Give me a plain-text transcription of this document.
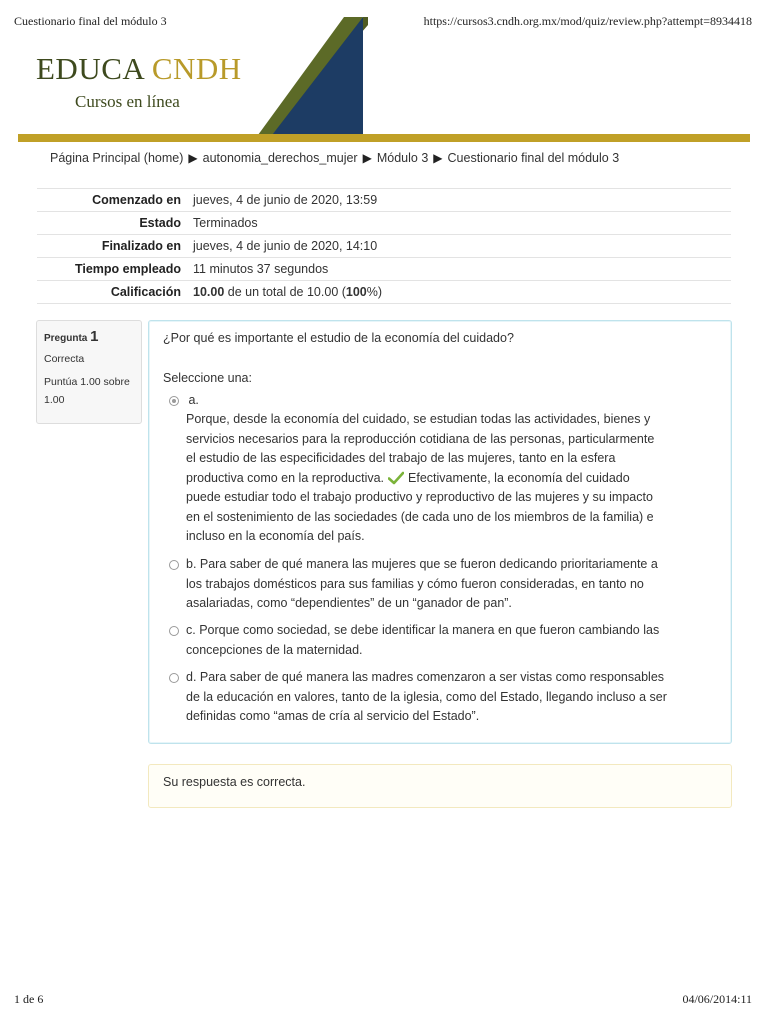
Cuestionario final del módulo 3	https://cursos3.cndh.org.mx/mod/quiz/review.php?attempt=8934418
EDUCA CNDH
Cursos en línea
Página Principal (home) ▶ autonomia_derechos_mujer ▶ Módulo 3 ▶ Cuestionario final del módulo 3
Comenzado en	jueves, 4 de junio de 2020, 13:59
Estado	Terminados
Finalizado en	jueves, 4 de junio de 2020, 14:10
Tiempo empleado	11 minutos 37 segundos
Calificación	10.00 de un total de 10.00 (100%)
Pregunta 1
Correcta
Puntúa 1.00 sobre 1.00
¿Por qué es importante el estudio de la economía del cuidado?
Seleccione una:
a.
Porque, desde la economía del cuidado, se estudian todas las actividades, bienes y
servicios necesarios para la reproducción cotidiana de las personas, particularmente
el estudio de las especificidades del trabajo de las mujeres, tanto en la esfera
productiva como en la reproductiva. Efectivamente, la economía del cuidado
puede estudiar todo el trabajo productivo y reproductivo de las mujeres y su impacto
en el sostenimiento de las sociedades (de cada uno de los miembros de la familia) e
incluso en la economía del país.
b. Para saber de qué manera las mujeres que se fueron dedicando prioritariamente a
los trabajos domésticos para sus familias y cómo fueron consideradas, en tanto no
asalariadas, como “dependientes” de un “ganador de pan”.
c. Porque como sociedad, se debe identificar la manera en que fueron cambiando las
concepciones de la maternidad.
d. Para saber de qué manera las madres comenzaron a ser vistas como responsables
de la educación en valores, tanto de la iglesia, como del Estado, llegando incluso a ser
definidas como “amas de cría al servicio del Estado”.
Su respuesta es correcta.
1 de 6	04/06/2014:11
